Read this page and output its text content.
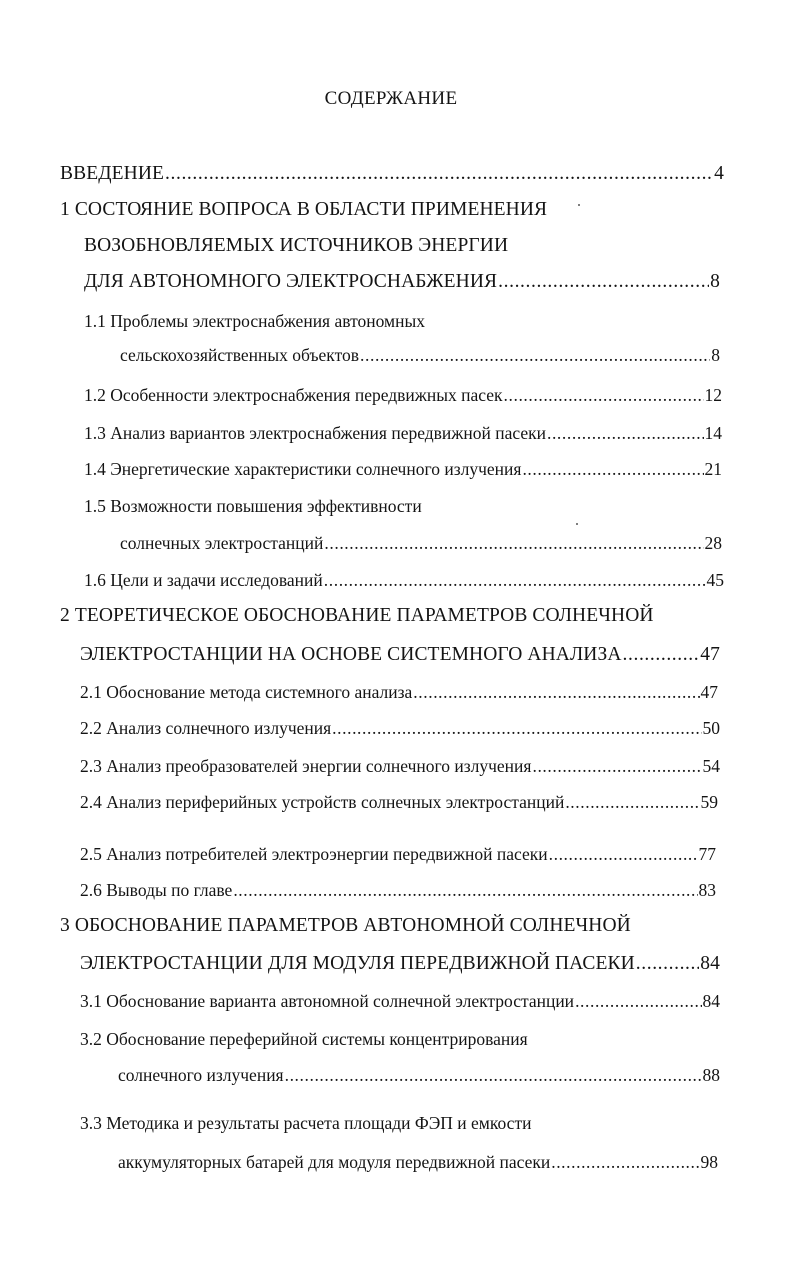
СОДЕРЖАНИЕ
ВВЕДЕНИЕ .....	4
1 СОСТОЯНИЕ ВОПРОСА В ОБЛАСТИ ПРИМЕНЕНИЯ
ВОЗОБНОВЛЯЕМЫХ ИСТОЧНИКОВ ЭНЕРГИИ
ДЛЯ АВТОНОМНОГО ЭЛЕКТРОСНАБЖЕНИЯ .....	8
1.1 Проблемы электроснабжения автономных
сельскохозяйственных объектов .....	8
1.2 Особенности электроснабжения передвижных пасек .....	12
1.3 Анализ вариантов электроснабжения передвижной пасеки .....	14
1.4 Энергетические характеристики солнечного излучения .....	21
1.5 Возможности повышения эффективности
солнечных электростанций .....	28
1.6 Цели и задачи исследований .....	45
2 ТЕОРЕТИЧЕСКОЕ ОБОСНОВАНИЕ ПАРАМЕТРОВ СОЛНЕЧНОЙ
ЭЛЕКТРОСТАНЦИИ НА ОСНОВЕ СИСТЕМНОГО АНАЛИЗА .....	47
2.1 Обоснование метода системного анализа .....	47
2.2 Анализ солнечного излучения .....	50
2.3 Анализ преобразователей энергии солнечного излучения .....	54
2.4 Анализ периферийных устройств солнечных электростанций .....	59
2.5 Анализ потребителей электроэнергии передвижной пасеки .....	77
2.6 Выводы по главе .....	83
3 ОБОСНОВАНИЕ ПАРАМЕТРОВ АВТОНОМНОЙ СОЛНЕЧНОЙ
ЭЛЕКТРОСТАНЦИИ ДЛЯ МОДУЛЯ ПЕРЕДВИЖНОЙ ПАСЕКИ .....	84
3.1 Обоснование варианта автономной солнечной электростанции .....	84
3.2 Обоснование переферийной системы концентрирования
солнечного излучения .....	88
3.3 Методика и результаты расчета площади ФЭП и емкости
аккумуляторных батарей для модуля передвижной пасеки .....	98
